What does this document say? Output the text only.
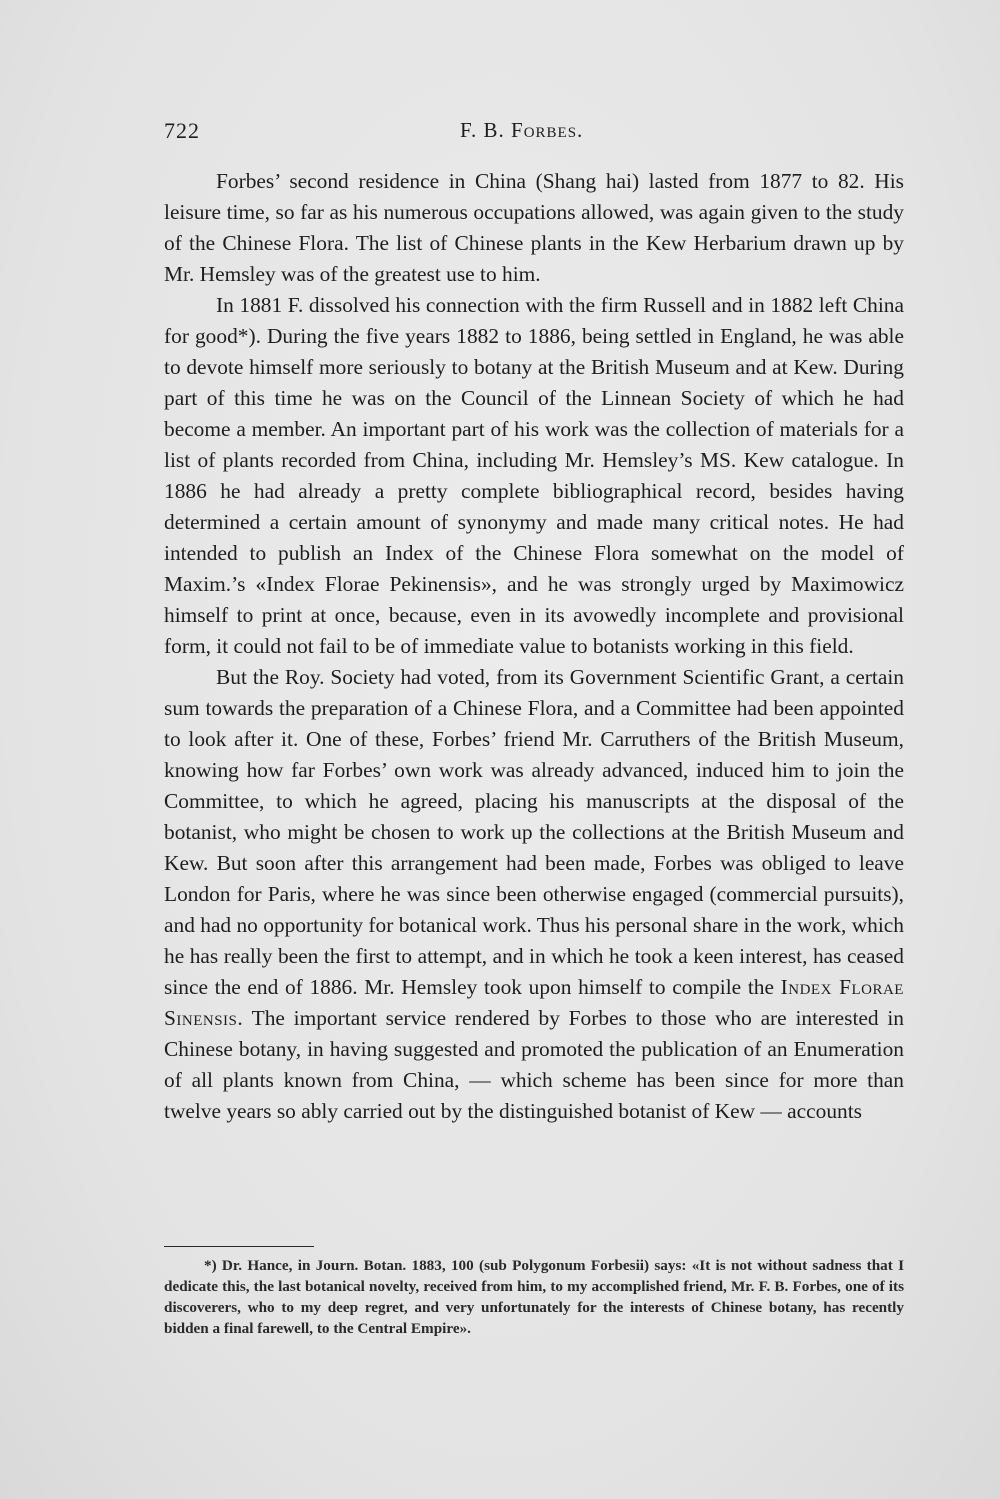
722	F. B. Forbes.

Forbes’ second residence in China (Shang hai) lasted from 1877 to 82. His leisure time, so far as his numerous occupations allowed, was again given to the study of the Chinese Flora. The list of Chinese plants in the Kew Herbarium drawn up by Mr. Hemsley was of the greatest use to him.

In 1881 F. dissolved his connection with the firm Russell and in 1882 left China for good*). During the five years 1882 to 1886, being settled in England, he was able to devote himself more seriously to botany at the British Museum and at Kew. During part of this time he was on the Council of the Linnean Society of which he had become a member. An important part of his work was the collection of materials for a list of plants recorded from China, including Mr. Hemsley’s MS. Kew catalogue. In 1886 he had already a pretty complete bibliographical record, besides having determined a certain amount of synonymy and made many critical notes. He had intended to publish an Index of the Chinese Flora somewhat on the model of Maxim.’s «Index Florae Pekinensis», and he was strongly urged by Maximowicz himself to print at once, because, even in its avowedly incomplete and provisional form, it could not fail to be of immediate value to botanists working in this field.

But the Roy. Society had voted, from its Government Scientific Grant, a certain sum towards the preparation of a Chinese Flora, and a Committee had been appointed to look after it. One of these, Forbes’ friend Mr. Carruthers of the British Museum, knowing how far Forbes’ own work was already advanced, induced him to join the Committee, to which he agreed, placing his manuscripts at the disposal of the botanist, who might be chosen to work up the collections at the British Museum and Kew. But soon after this arrangement had been made, Forbes was obliged to leave London for Paris, where he was since been otherwise engaged (commercial pursuits), and had no opportunity for botanical work. Thus his personal share in the work, which he has really been the first to attempt, and in which he took a keen interest, has ceased since the end of 1886. Mr. Hemsley took upon himself to compile the Index Florae Sinensis. The important service rendered by Forbes to those who are interested in Chinese botany, in having suggested and promoted the publication of an Enumeration of all plants known from China, — which scheme has been since for more than twelve years so ably carried out by the distinguished botanist of Kew — accounts

*) Dr. Hance, in Journ. Botan. 1883, 100 (sub Polygonum Forbesii) says: «It is not without sadness that I dedicate this, the last botanical novelty, received from him, to my accomplished friend, Mr. F. B. Forbes, one of its discoverers, who to my deep regret, and very unfortunately for the interests of Chinese botany, has recently bidden a final farewell, to the Central Empire».
